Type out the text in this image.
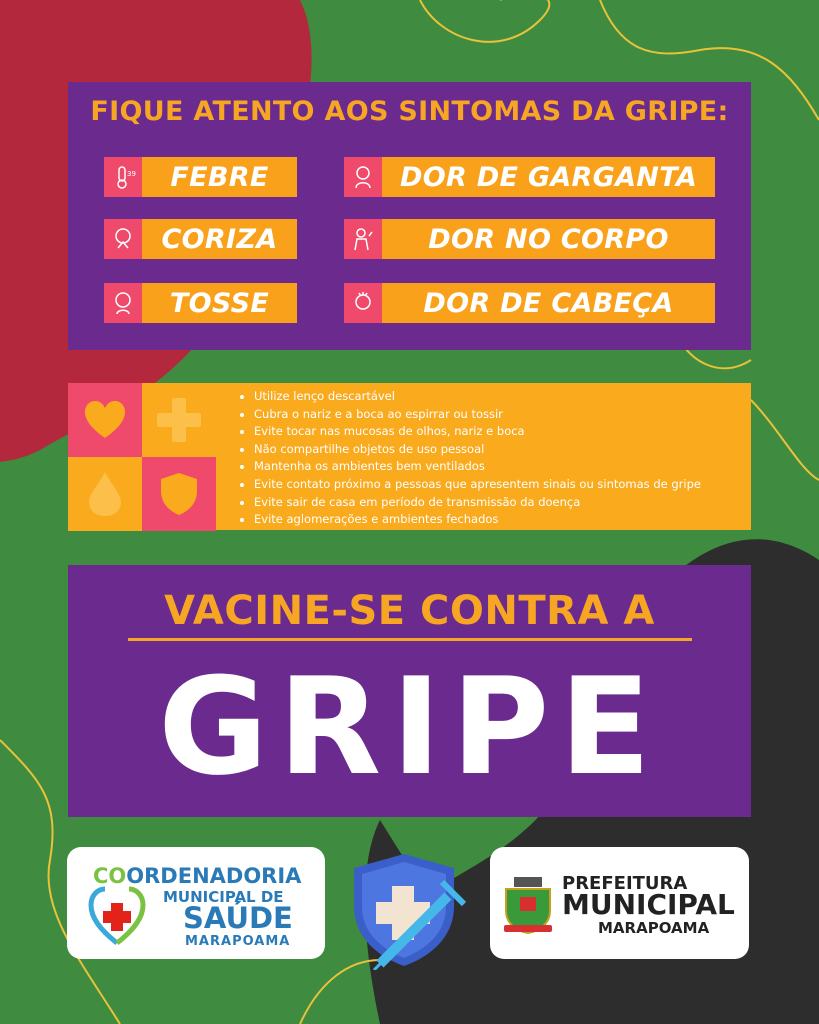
FIQUE ATENTO AOS SINTOMAS DA GRIPE:
39	FEBRE	DOR DE GARGANTA
CORIZA	DOR NO CORPO
TOSSE	DOR DE CABEÇA
• Utilize lenço descartável
• Cubra o nariz e a boca ao espirrar ou tossir
• Evite tocar nas mucosas de olhos, nariz e boca
• Não compartilhe objetos de uso pessoal
• Mantenha os ambientes bem ventilados
• Evite contato próximo a pessoas que apresentem sinais ou sintomas de gripe
• Evite sair de casa em período de transmissão da doença
• Evite aglomerações e ambientes fechados
VACINE-SE CONTRA A
GRIPE
COORDENADORIA
MUNICIPAL DE
SAÚDE
MARAPOAMA
PREFEITURA
MUNICIPAL
MARAPOAMA
